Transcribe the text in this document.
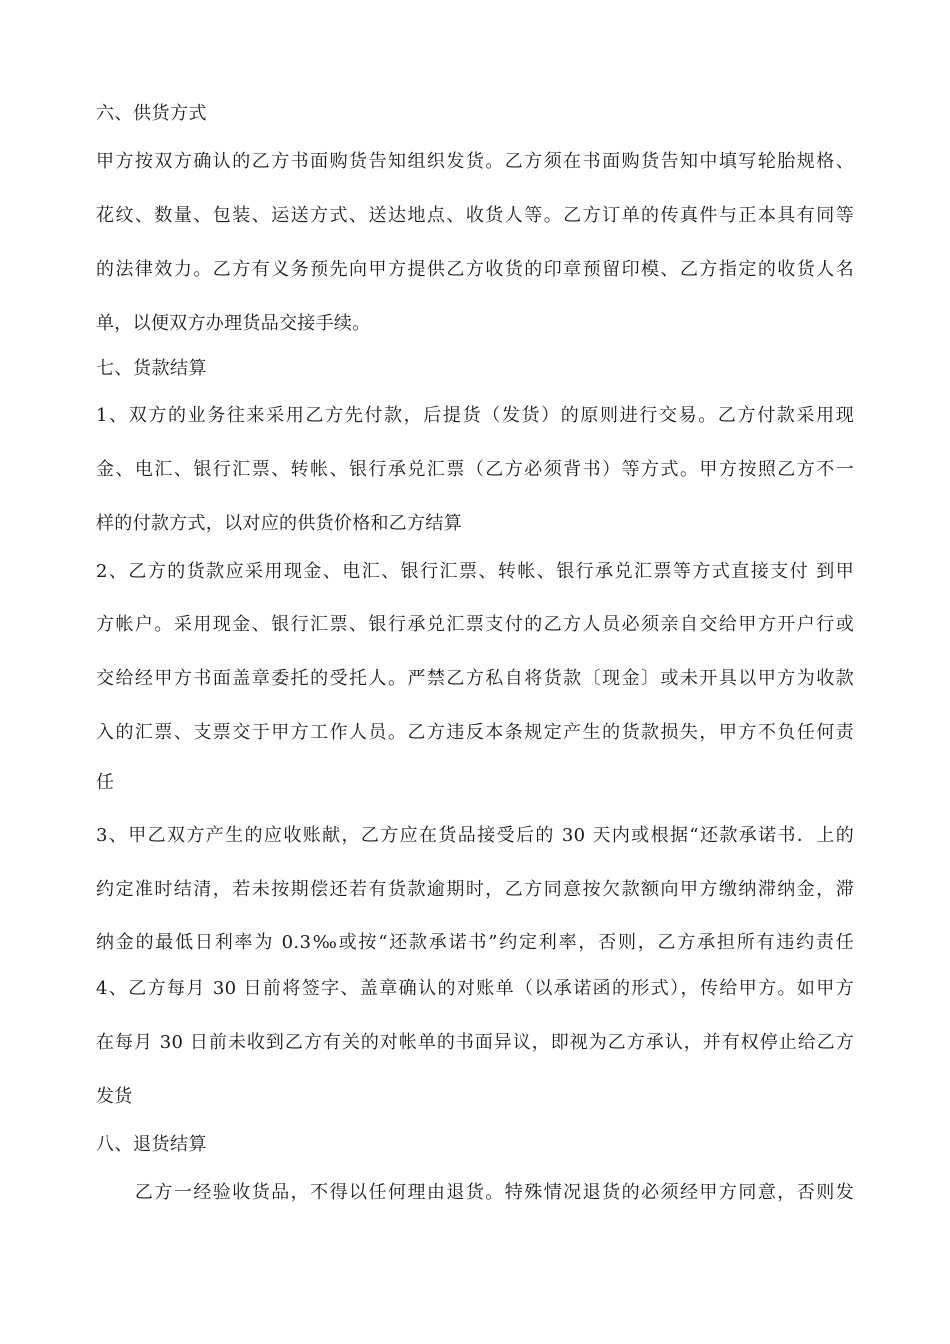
六、供货方式
甲方按双方确认的乙方书面购货告知组织发货。乙方须在书面购货告知中填写轮胎规格、
花纹、数量、包装、运送方式、送达地点、收货人等。乙方订单的传真件与正本具有同等
的法律效力。乙方有义务预先向甲方提供乙方收货的印章预留印模、乙方指定的收货人名
单，以便双方办理货品交接手续。
七、货款结算
1、双方的业务往来采用乙方先付款，后提货（发货）的原则进行交易。乙方付款采用现
金、电汇、银行汇票、转帐、银行承兑汇票（乙方必须背书）等方式。甲方按照乙方不一
样的付款方式，以对应的供货价格和乙方结算
2、乙方的货款应采用现金、电汇、银行汇票、转帐、银行承兑汇票等方式直接支付 到甲
方帐户。采用现金、银行汇票、银行承兑汇票支付的乙方人员必须亲自交给甲方开户行或
交给经甲方书面盖章委托的受托人。严禁乙方私自将货款〔现金〕或未开具以甲方为收款
入的汇票、支票交于甲方工作人员。乙方违反本条规定产生的货款损失，甲方不负任何责
任
3、甲乙双方产生的应收账献，乙方应在货品接受后的 30 天内或根据“还款承诺书．上的
约定准时结清，若未按期偿还若有货款逾期时，乙方同意按欠款额向甲方缴纳滞纳金，滞
纳金的最低日利率为 0.3‰或按“还款承诺书”约定利率，否则，乙方承担所有违约责任
4、乙方每月 30 日前将签字、盖章确认的对账单（以承诺函的形式），传给甲方。如甲方
在每月 30 日前未收到乙方有关的对帐单的书面异议，即视为乙方承认，并有权停止给乙方
发货
八、退货结算
　　乙方一经验收货品，不得以任何理由退货。特殊情况退货的必须经甲方同意，否则发
